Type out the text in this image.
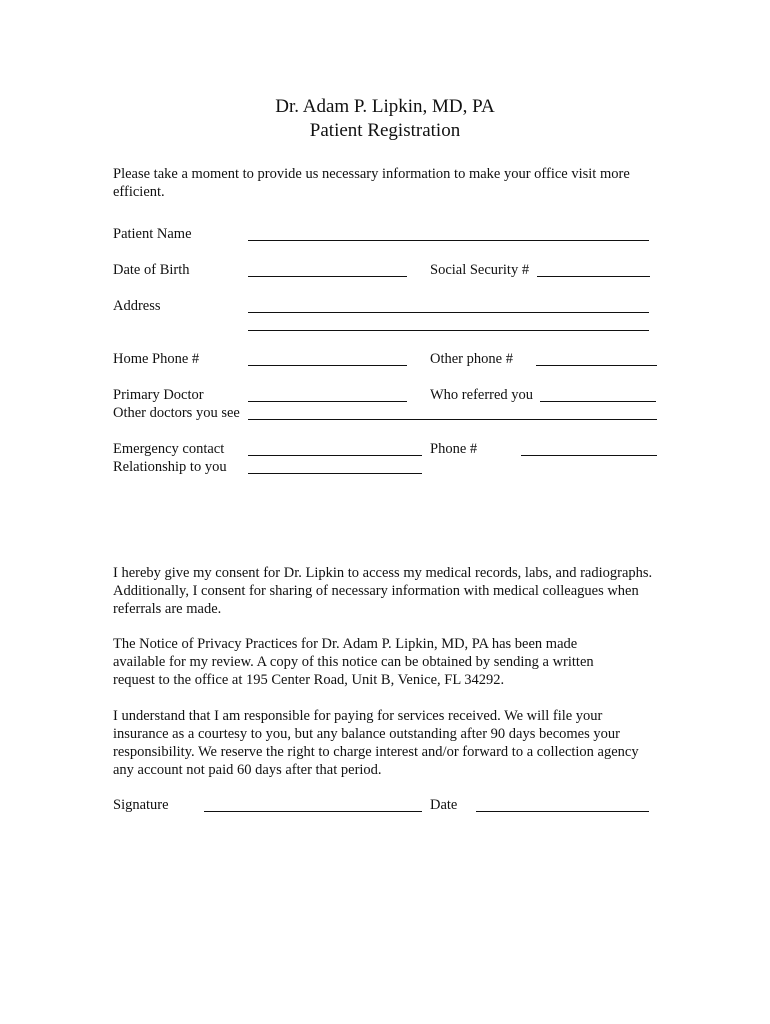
Dr. Adam P. Lipkin, MD, PA
Patient Registration

Please take a moment to provide us necessary information to make your office visit more efficient.

Patient Name
Date of Birth	Social Security #
Address
Home Phone #	Other phone #
Primary Doctor	Who referred you
Other doctors you see
Emergency contact	Phone #
Relationship to you

I hereby give my consent for Dr. Lipkin to access my medical records, labs, and radiographs. Additionally, I consent for sharing of necessary information with medical colleagues when referrals are made.

The Notice of Privacy Practices for Dr. Adam P. Lipkin, MD, PA has been made available for my review. A copy of this notice can be obtained by sending a written request to the office at 195 Center Road, Unit B, Venice, FL 34292.

I understand that I am responsible for paying for services received. We will file your insurance as a courtesy to you, but any balance outstanding after 90 days becomes your responsibility. We reserve the right to charge interest and/or forward to a collection agency any account not paid 60 days after that period.

Signature	Date
